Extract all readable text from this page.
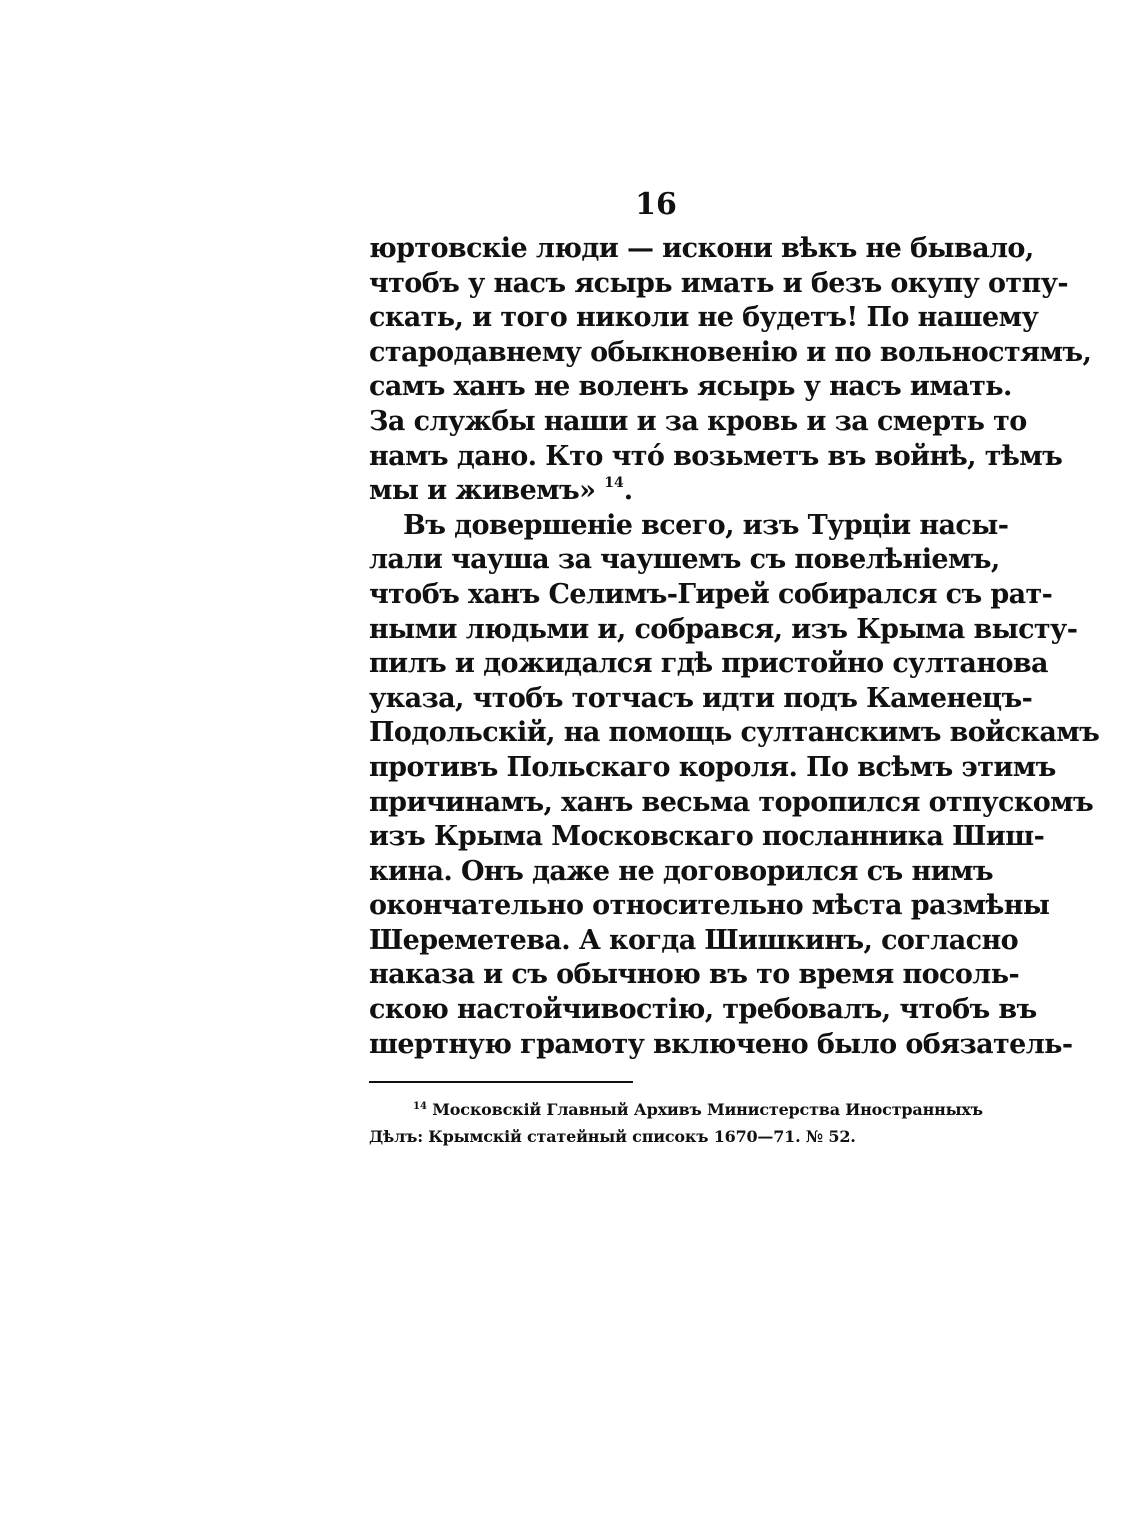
16
юртовскіе люди — искони вѣкъ не бывало,
чтобъ у насъ ясырь имать и безъ окупу отпу-
скать, и того николи не будетъ! По нашему
стародавнему обыкновенію и по вольностямъ,
самъ ханъ не воленъ ясырь у насъ имать.
За службы наши и за кровь и за смерть то
намъ дано. Кто что́ возьметъ въ войнѣ, тѣмъ
мы и живемъ» $^{14}$.
Въ довершеніе всего, изъ Турціи насы-
лали чауша за чаушемъ съ повелѣніемъ,
чтобъ ханъ Селимъ-Гирей собирался съ рат-
ными людьми и, собрався, изъ Крыма высту-
пилъ и дожидался гдѣ пристойно султанова
указа, чтобъ тотчасъ идти подъ Каменецъ-
Подольскій, на помощь султанскимъ войскамъ
противъ Польскаго короля. По всѣмъ этимъ
причинамъ, ханъ весьма торопился отпускомъ
изъ Крыма Московскаго посланника Шиш-
кина. Онъ даже не договорился съ нимъ
окончательно относительно мѣста размѣны
Шереметева. А когда Шишкинъ, согласно
наказа и съ обычною въ то время посоль-
скою настойчивостію, требовалъ, чтобъ въ
шертную грамоту включено было обязатель-
$^{14}$ Московскій Главный Архивъ Министерства Иностранныхъ
Дѣлъ: Крымскій статейный списокъ 1670—71. № 52.
